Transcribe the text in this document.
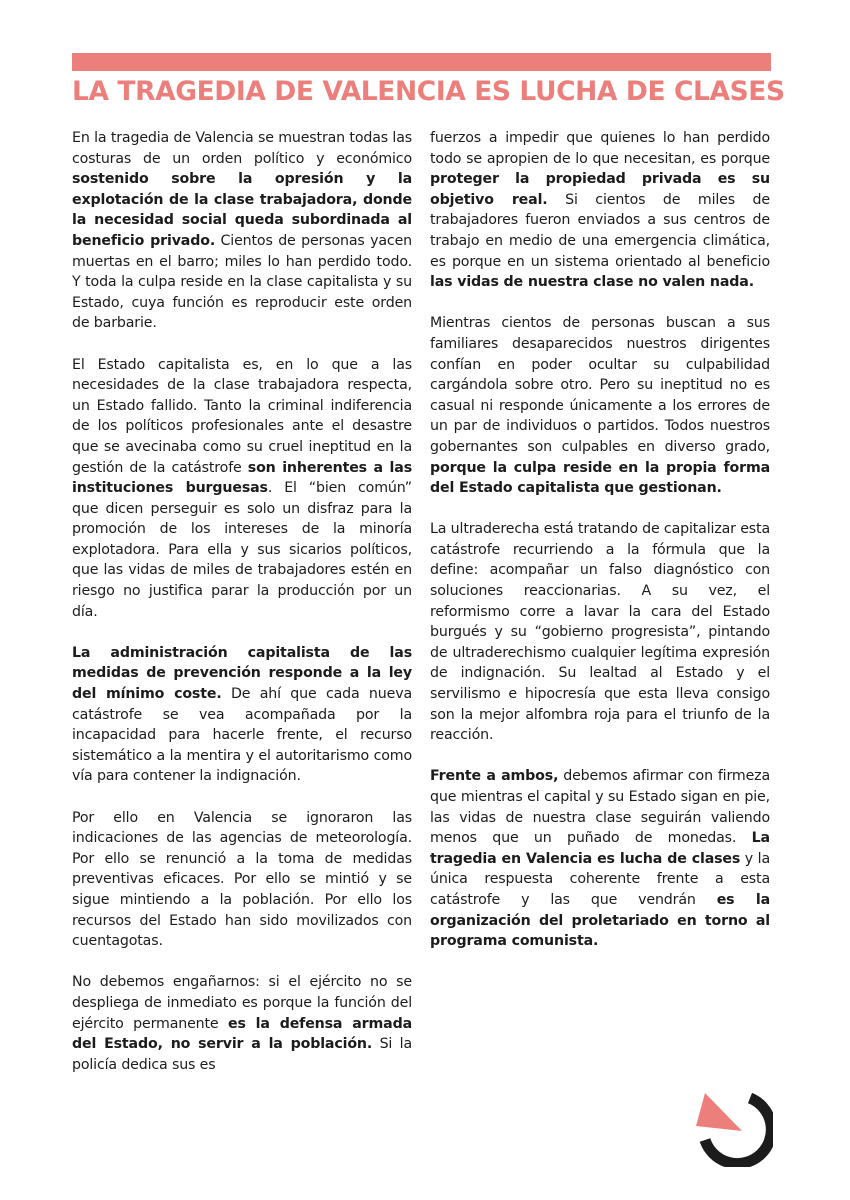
LA TRAGEDIA DE VALENCIA ES LUCHA DE CLASES

En la tragedia de Valencia se muestran todas las costuras de un orden político y económico sostenido sobre la opresión y la explotación de la clase trabajadora, donde la necesidad social queda subordinada al beneficio privado. Cientos de personas yacen muertas en el barro; miles lo han perdido todo. Y toda la culpa reside en la clase capitalista y su Estado, cuya función es reproducir este orden de barbarie.

El Estado capitalista es, en lo que a las necesidades de la clase trabajadora respecta, un Estado fallido. Tanto la criminal indiferencia de los políticos profesionales ante el desastre que se avecinaba como su cruel ineptitud en la gestión de la catástrofe son inherentes a las instituciones burguesas. El “bien común” que dicen perseguir es solo un disfraz para la promoción de los intereses de la minoría explotadora. Para ella y sus sicarios políticos, que las vidas de miles de trabajadores estén en riesgo no justifica parar la producción por un día.

La administración capitalista de las medidas de prevención responde a la ley del mínimo coste. De ahí que cada nueva catástrofe se vea acompañada por la incapacidad para hacerle frente, el recurso sistemático a la mentira y el autoritarismo como vía para contener la indignación.

Por ello en Valencia se ignoraron las indicaciones de las agencias de meteorología. Por ello se renunció a la toma de medidas preventivas eficaces. Por ello se mintió y se sigue mintiendo a la población. Por ello los recursos del Estado han sido movilizados con cuentagotas.

No debemos engañarnos: si el ejército no se despliega de inmediato es porque la función del ejército permanente es la defensa armada del Estado, no servir a la población. Si la policía dedica sus es

fuerzos a impedir que quienes lo han perdido todo se apropien de lo que necesitan, es porque proteger la propiedad privada es su objetivo real. Si cientos de miles de trabajadores fueron enviados a sus centros de trabajo en medio de una emergencia climática, es porque en un sistema orientado al beneficio las vidas de nuestra clase no valen nada.

Mientras cientos de personas buscan a sus familiares desaparecidos nuestros dirigentes confían en poder ocultar su culpabilidad cargándola sobre otro. Pero su ineptitud no es casual ni responde únicamente a los errores de un par de individuos o partidos. Todos nuestros gobernantes son culpables en diverso grado, porque la culpa reside en la propia forma del Estado capitalista que gestionan.

La ultraderecha está tratando de capitalizar esta catástrofe recurriendo a la fórmula que la define: acompañar un falso diagnóstico con soluciones reaccionarias. A su vez, el reformismo corre a lavar la cara del Estado burgués y su “gobierno progresista”, pintando de ultraderechismo cualquier legítima expresión de indignación. Su lealtad al Estado y el servilismo e hipocresía que esta lleva consigo son la mejor alfombra roja para el triunfo de la reacción.

Frente a ambos, debemos afirmar con firmeza que mientras el capital y su Estado sigan en pie, las vidas de nuestra clase seguirán valiendo menos que un puñado de monedas. La tragedia en Valencia es lucha de clases y la única respuesta coherente frente a esta catástrofe y las que vendrán es la organización del proletariado en torno al programa comunista.
